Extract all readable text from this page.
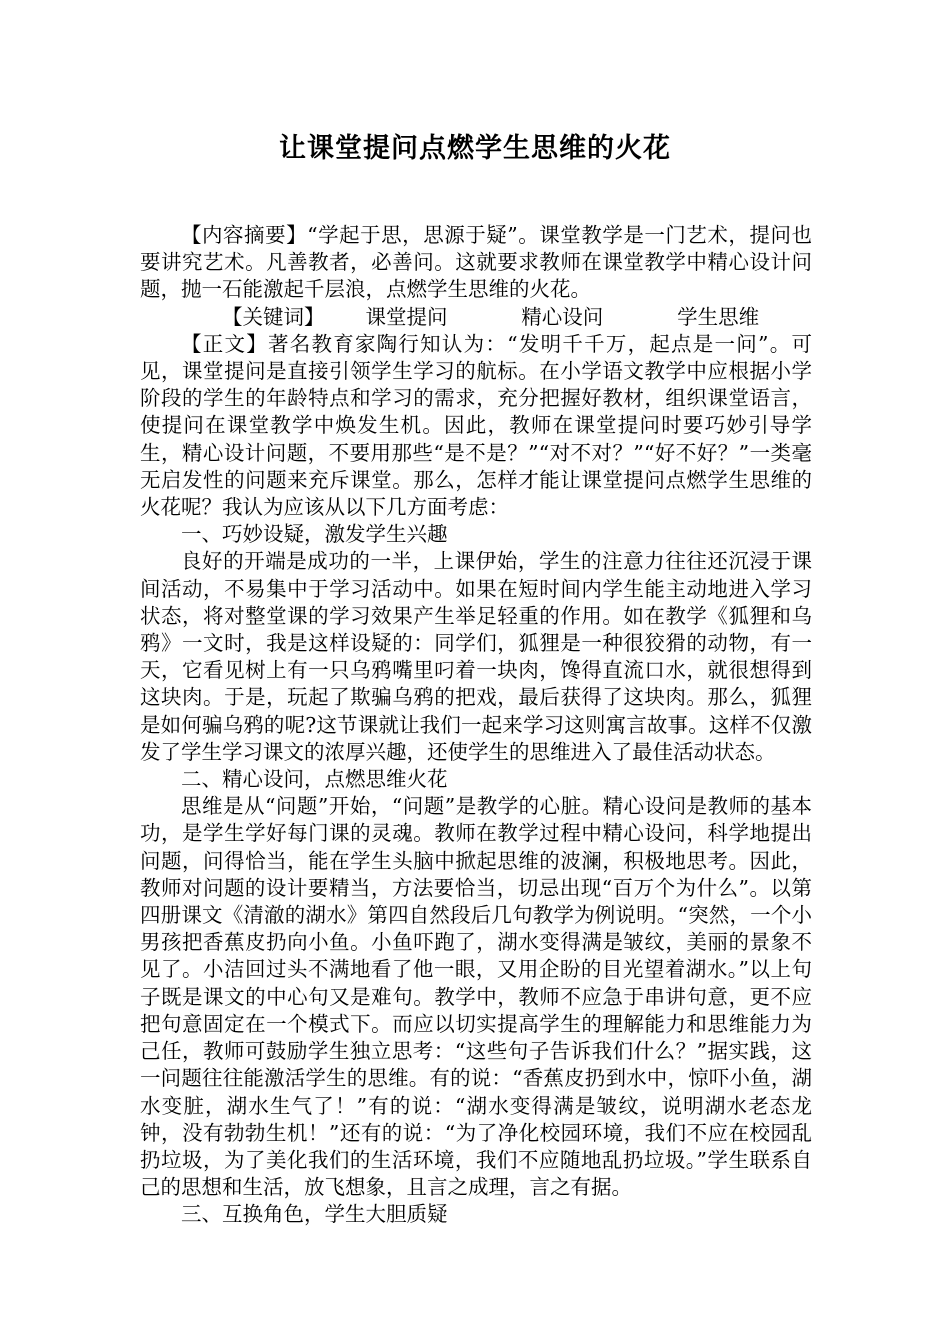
让课堂提问点燃学生思维的火花

【内容摘要】“学起于思，思源于疑”。课堂教学是一门艺术，提问也要讲究艺术。凡善教者，必善问。这就要求教师在课堂教学中精心设计问题，抛一石能激起千层浪，点燃学生思维的火花。

【关键词】 课堂提问	精心设问	学生思维

【正文】著名教育家陶行知认为：“发明千千万，起点是一问”。可见，课堂提问是直接引领学生学习的航标。在小学语文教学中应根据小学阶段的学生的年龄特点和学习的需求，充分把握好教材，组织课堂语言，使提问在课堂教学中焕发生机。因此，教师在课堂提问时要巧妙引导学生，精心设计问题，不要用那些“是不是？”“对不对？”“好不好？”一类毫无启发性的问题来充斥课堂。那么，怎样才能让课堂提问点燃学生思维的火花呢？我认为应该从以下几方面考虑：

一、巧妙设疑，激发学生兴趣

良好的开端是成功的一半，上课伊始，学生的注意力往往还沉浸于课间活动，不易集中于学习活动中。如果在短时间内学生能主动地进入学习状态，将对整堂课的学习效果产生举足轻重的作用。如在教学《狐狸和乌鸦》一文时，我是这样设疑的：同学们，狐狸是一种很狡猾的动物，有一天，它看见树上有一只乌鸦嘴里叼着一块肉，馋得直流口水，就很想得到这块肉。于是，玩起了欺骗乌鸦的把戏，最后获得了这块肉。那么，狐狸是如何骗乌鸦的呢?这节课就让我们一起来学习这则寓言故事。这样不仅激发了学生学习课文的浓厚兴趣，还使学生的思维进入了最佳活动状态。

二、精心设问，点燃思维火花

思维是从“问题”开始，“问题”是教学的心脏。精心设问是教师的基本功，是学生学好每门课的灵魂。教师在教学过程中精心设问，科学地提出问题，问得恰当，能在学生头脑中掀起思维的波澜，积极地思考。因此，教师对问题的设计要精当，方法要恰当，切忌出现“百万个为什么”。以第四册课文《清澈的湖水》第四自然段后几句教学为例说明。“突然，一个小男孩把香蕉皮扔向小鱼。小鱼吓跑了，湖水变得满是皱纹，美丽的景象不见了。小洁回过头不满地看了他一眼，又用企盼的目光望着湖水。”以上句子既是课文的中心句又是难句。教学中，教师不应急于串讲句意，更不应把句意固定在一个模式下。而应以切实提高学生的理解能力和思维能力为己任，教师可鼓励学生独立思考：“这些句子告诉我们什么？”据实践，这一问题往往能激活学生的思维。有的说：“香蕉皮扔到水中，惊吓小鱼，湖水变脏，湖水生气了！”有的说：“湖水变得满是皱纹，说明湖水老态龙钟，没有勃勃生机！”还有的说：“为了净化校园环境，我们不应在校园乱扔垃圾，为了美化我们的生活环境，我们不应随地乱扔垃圾。”学生联系自己的思想和生活，放飞想象，且言之成理，言之有据。

三、互换角色，学生大胆质疑
